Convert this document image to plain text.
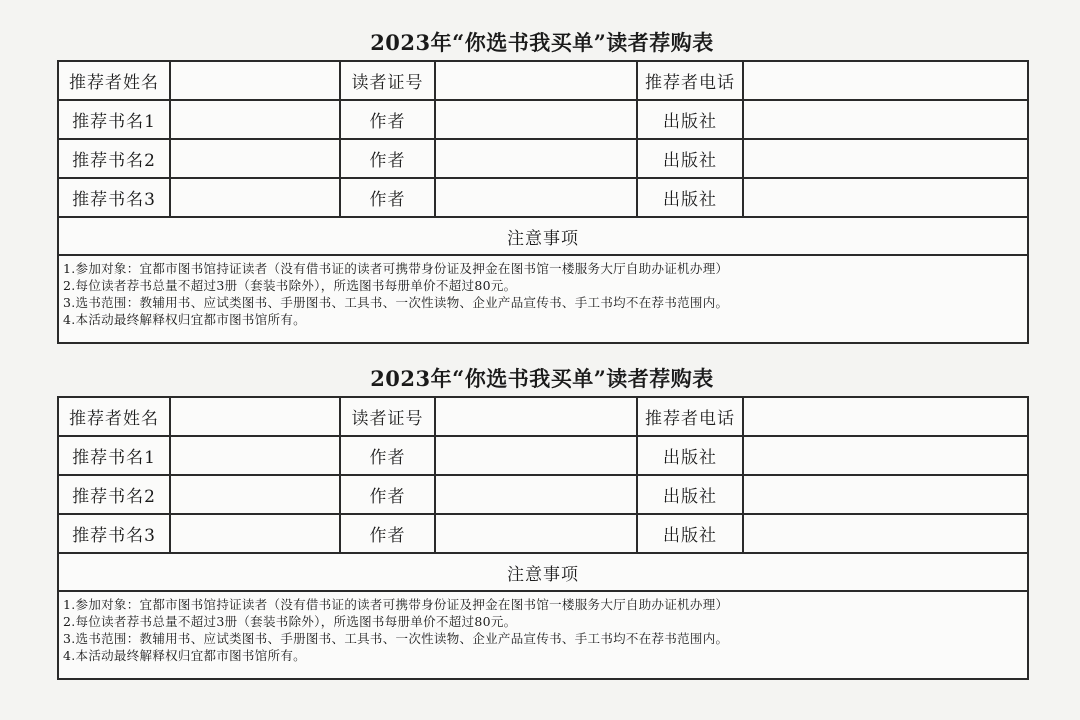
2023年“你选书我买单”读者荐购表
推荐者姓名		读者证号		推荐者电话	
推荐书名1		作者		出版社	
推荐书名2		作者		出版社	
推荐书名3		作者		出版社	
注意事项					

1.参加对象：宜都市图书馆持证读者（没有借书证的读者可携带身份证及押金在图书馆一楼服务大厅自助办证机办理）
2.每位读者荐书总量不超过3册（套装书除外），所选图书每册单价不超过80元。
3.选书范围：教辅用书、应试类图书、手册图书、工具书、一次性读物、企业产品宣传书、手工书均不在荐书范围内。
4.本活动最终解释权归宜都市图书馆所有。					
2023年“你选书我买单”读者荐购表
推荐者姓名		读者证号		推荐者电话	
推荐书名1		作者		出版社	
推荐书名2		作者		出版社	
推荐书名3		作者		出版社	
注意事项					

1.参加对象：宜都市图书馆持证读者（没有借书证的读者可携带身份证及押金在图书馆一楼服务大厅自助办证机办理）
2.每位读者荐书总量不超过3册（套装书除外），所选图书每册单价不超过80元。
3.选书范围：教辅用书、应试类图书、手册图书、工具书、一次性读物、企业产品宣传书、手工书均不在荐书范围内。
4.本活动最终解释权归宜都市图书馆所有。					
